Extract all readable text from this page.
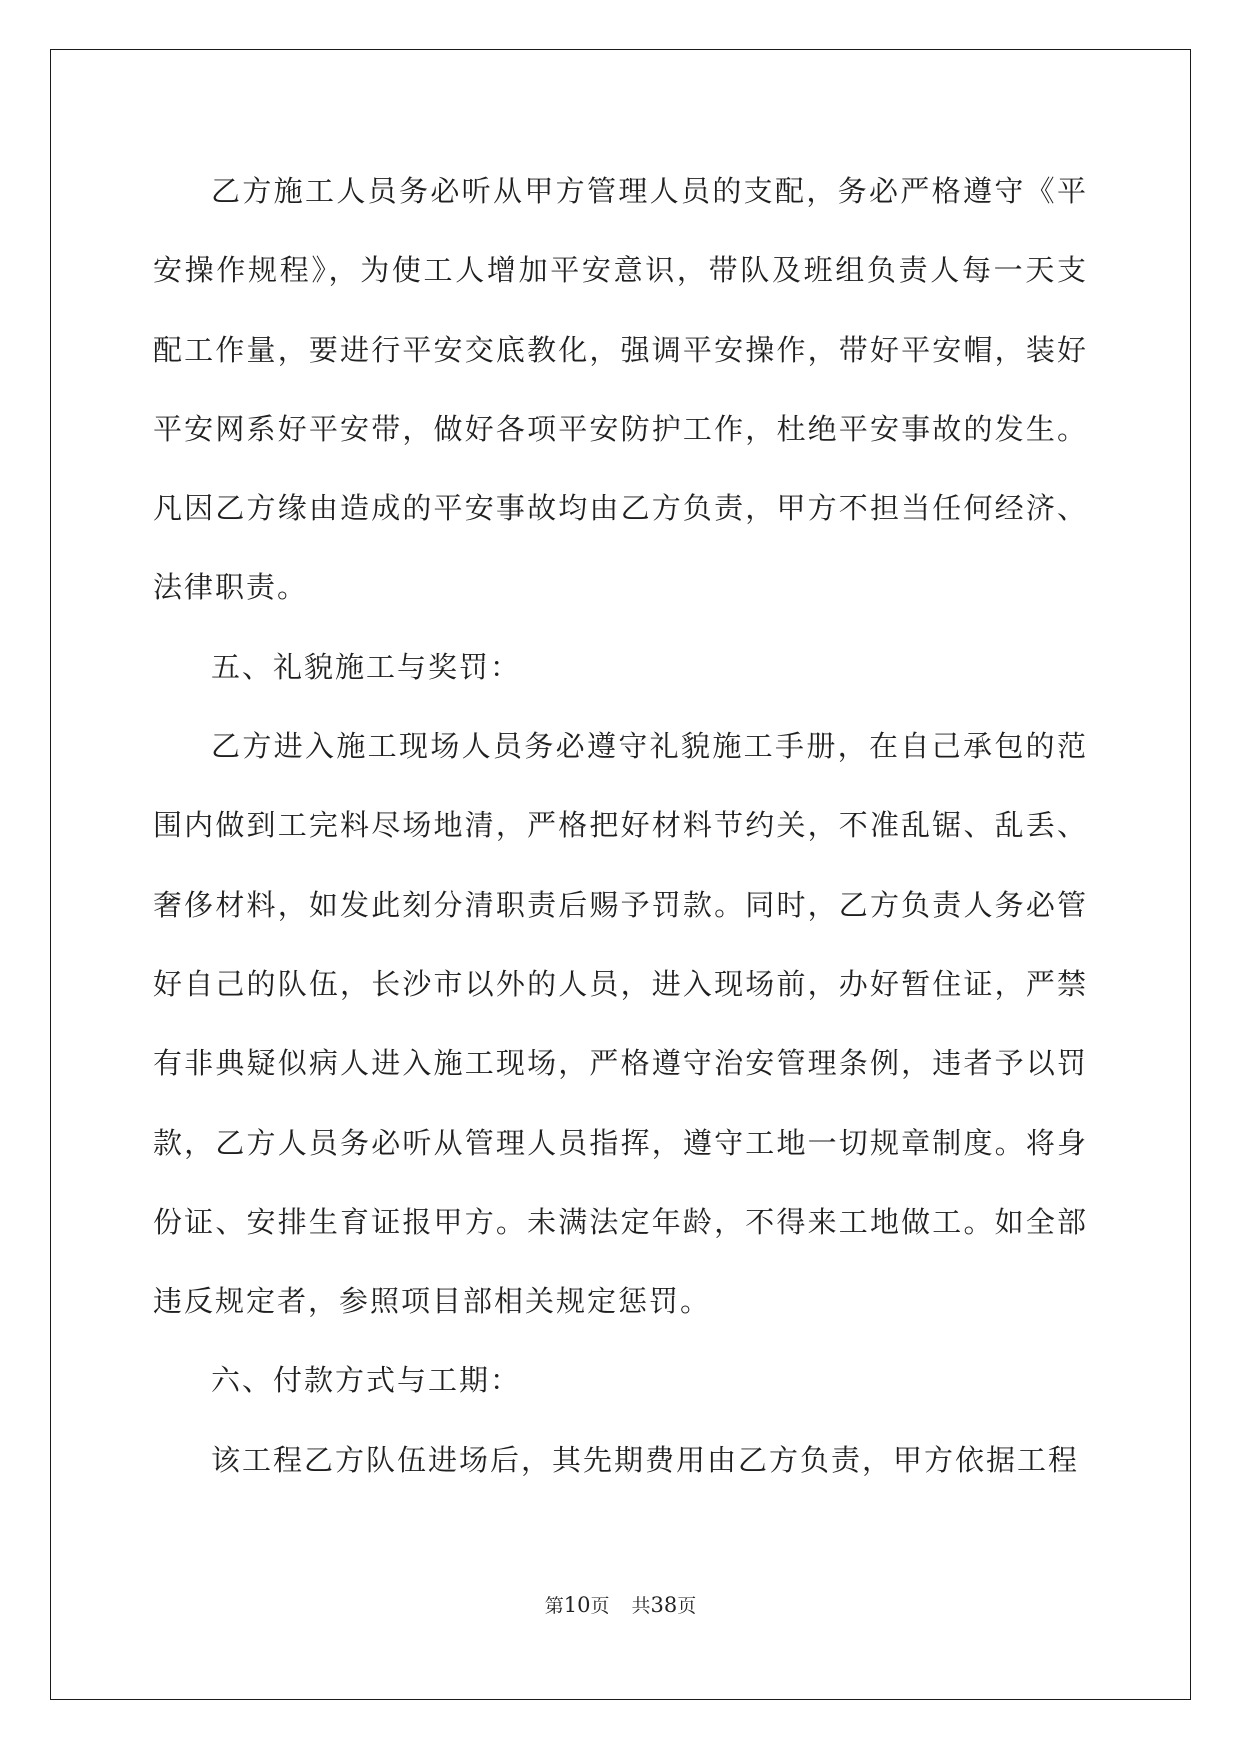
乙方施工人员务必听从甲方管理人员的支配，务必严格遵守《平安操作规程》，为使工人增加平安意识，带队及班组负责人每一天支配工作量，要进行平安交底教化，强调平安操作，带好平安帽，装好平安网系好平安带，做好各项平安防护工作，杜绝平安事故的发生。凡因乙方缘由造成的平安事故均由乙方负责，甲方不担当任何经济、法律职责。

五、礼貌施工与奖罚：

乙方进入施工现场人员务必遵守礼貌施工手册，在自己承包的范围内做到工完料尽场地清，严格把好材料节约关，不准乱锯、乱丢、奢侈材料，如发此刻分清职责后赐予罚款。同时，乙方负责人务必管好自己的队伍，长沙市以外的人员，进入现场前，办好暂住证，严禁有非典疑似病人进入施工现场，严格遵守治安管理条例，违者予以罚款，乙方人员务必听从管理人员指挥，遵守工地一切规章制度。将身份证、安排生育证报甲方。未满法定年龄，不得来工地做工。如全部违反规定者，参照项目部相关规定惩罚。

六、付款方式与工期：

该工程乙方队伍进场后，其先期费用由乙方负责，甲方依据工程

第10页 共38页
